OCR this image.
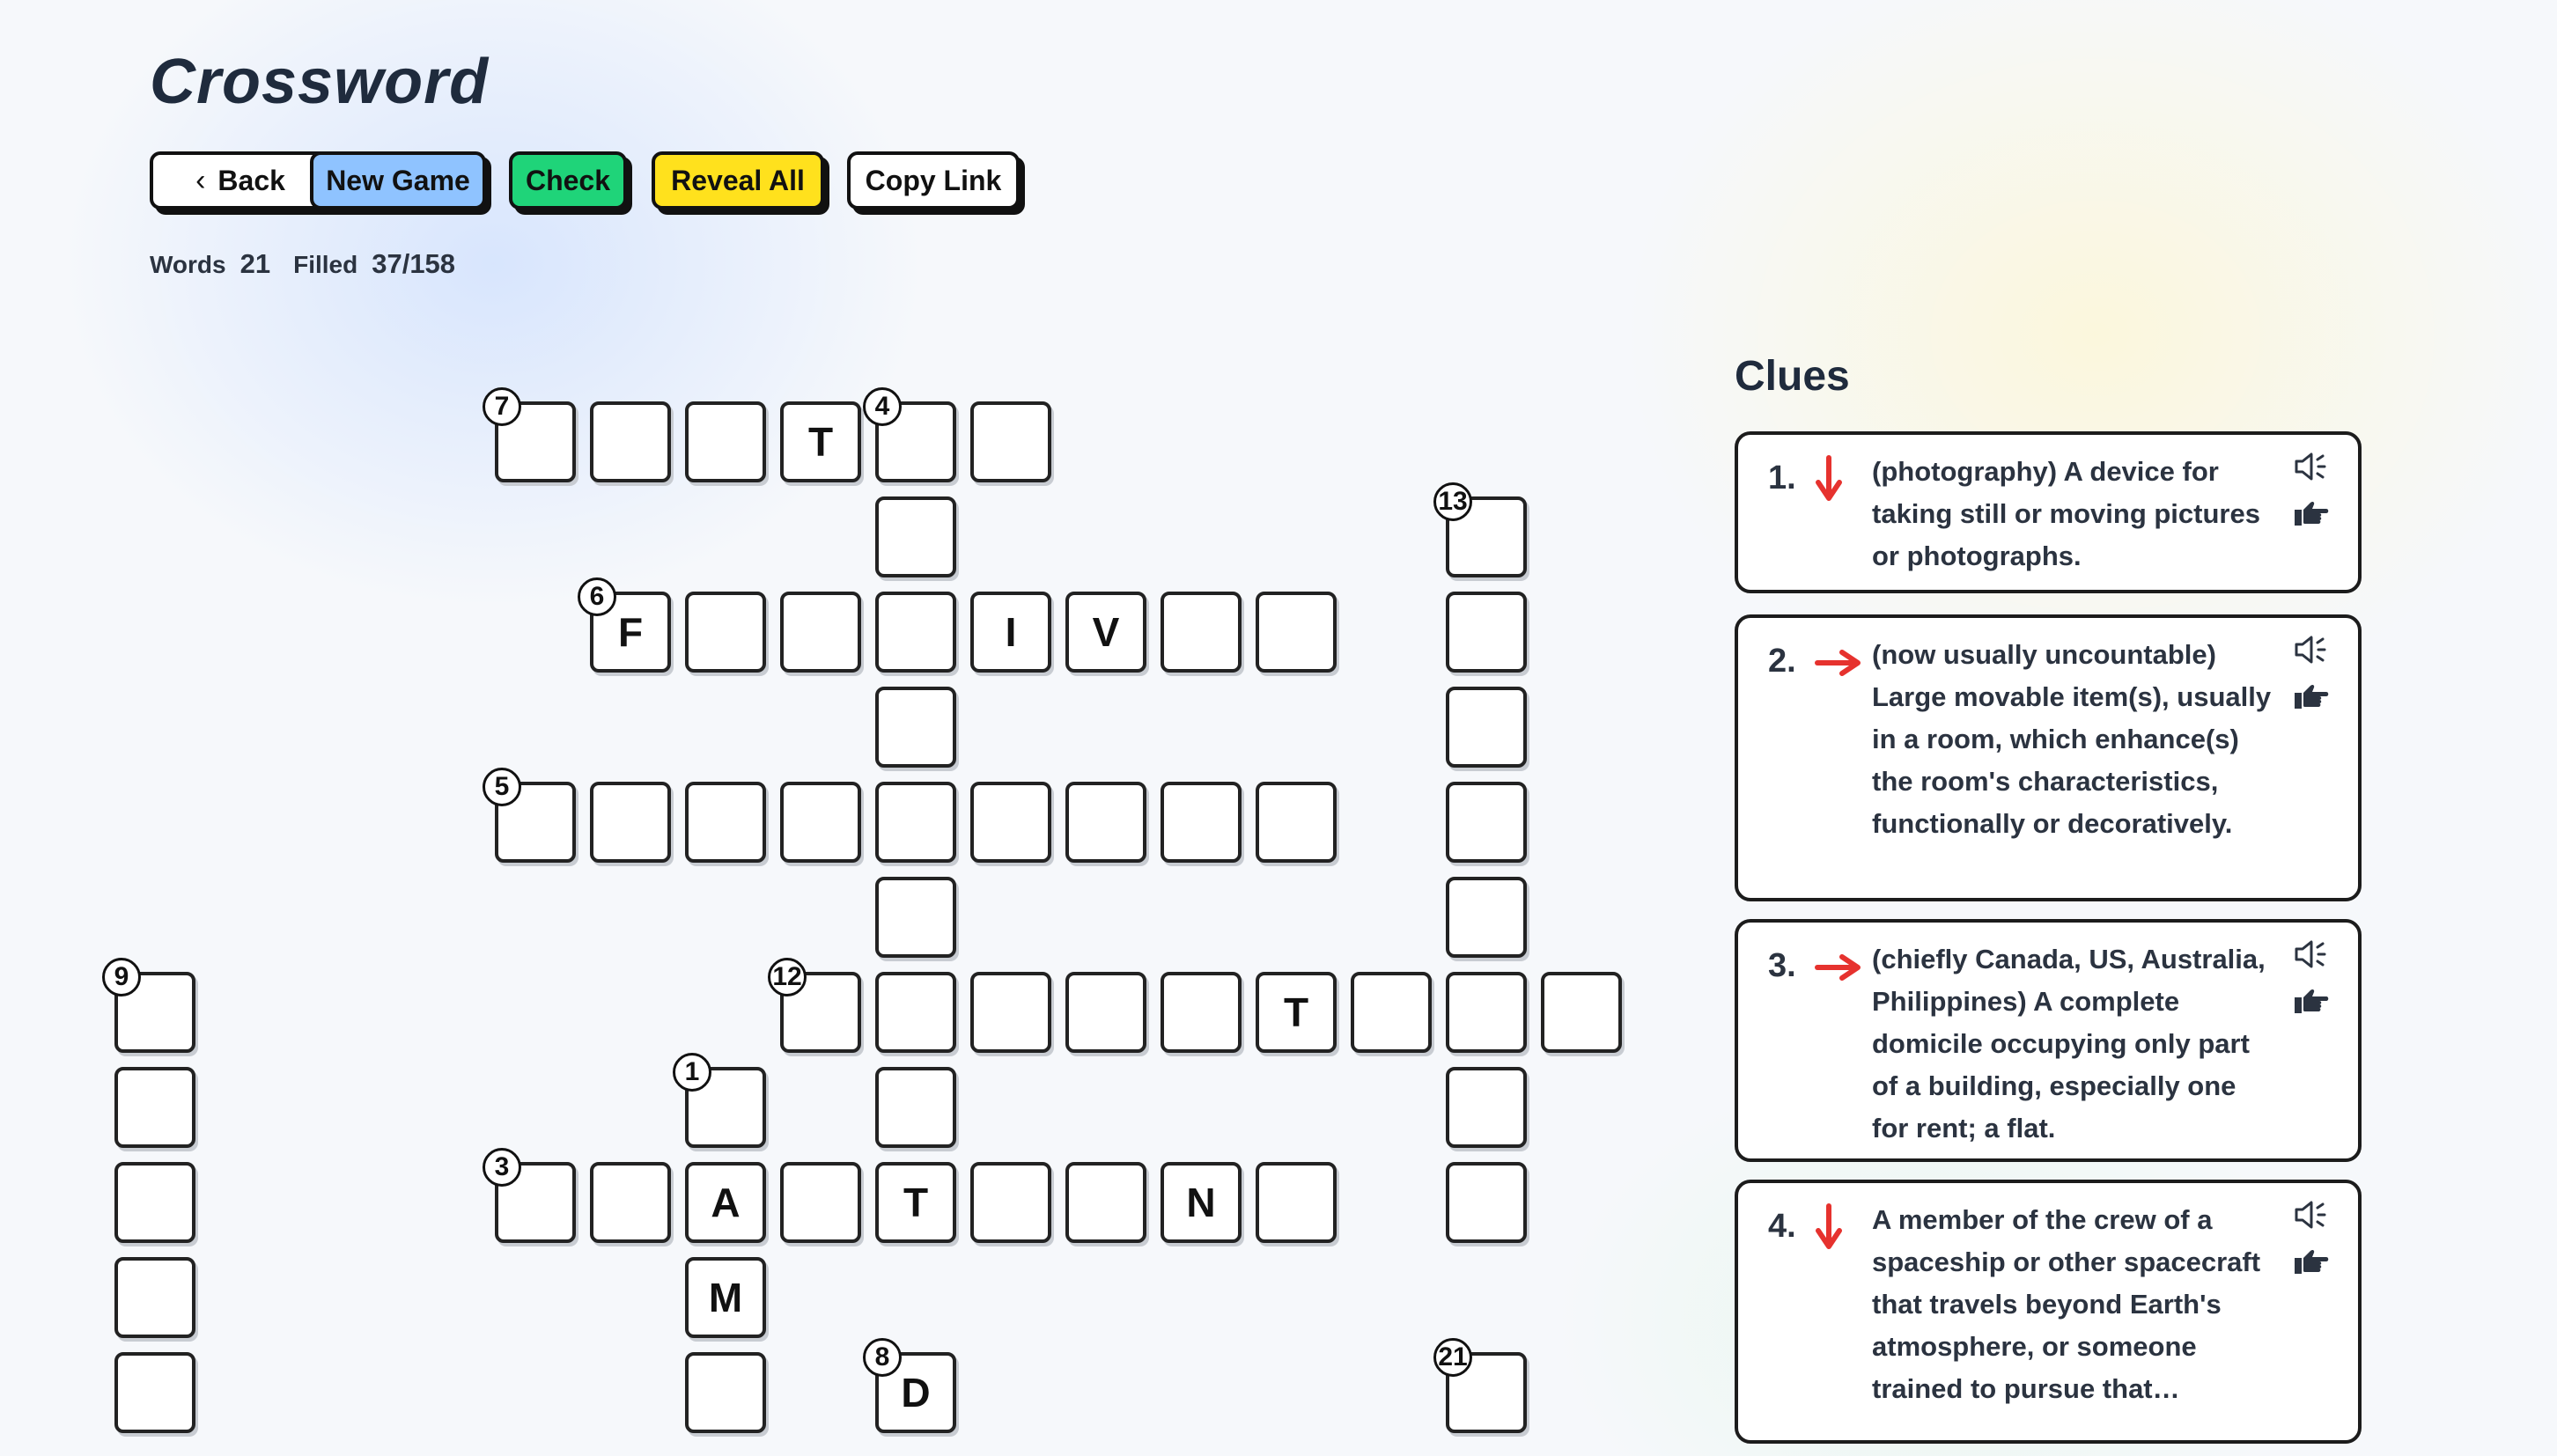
Crossword
‹ Back	New Game	Check	Reveal All	Copy Link
Words 21 Filled 37/158
T
F	I	V
T
A	T	N
M
D
7	4
13
6
5
12
9
1
3
8	21
Clues
1.	(photography) A device for taking still or moving pictures or photographs.
2.	(now usually uncountable) Large movable item(s), usually in a room, which enhance(s) the room's characteristics, functionally or decoratively.
3.	(chiefly Canada, US, Australia, Philippines) A complete domicile occupying only part of a building, especially one for rent; a flat.
4.	A member of the crew of a spaceship or other spacecraft that travels beyond Earth's atmosphere, or someone trained to pursue that…
